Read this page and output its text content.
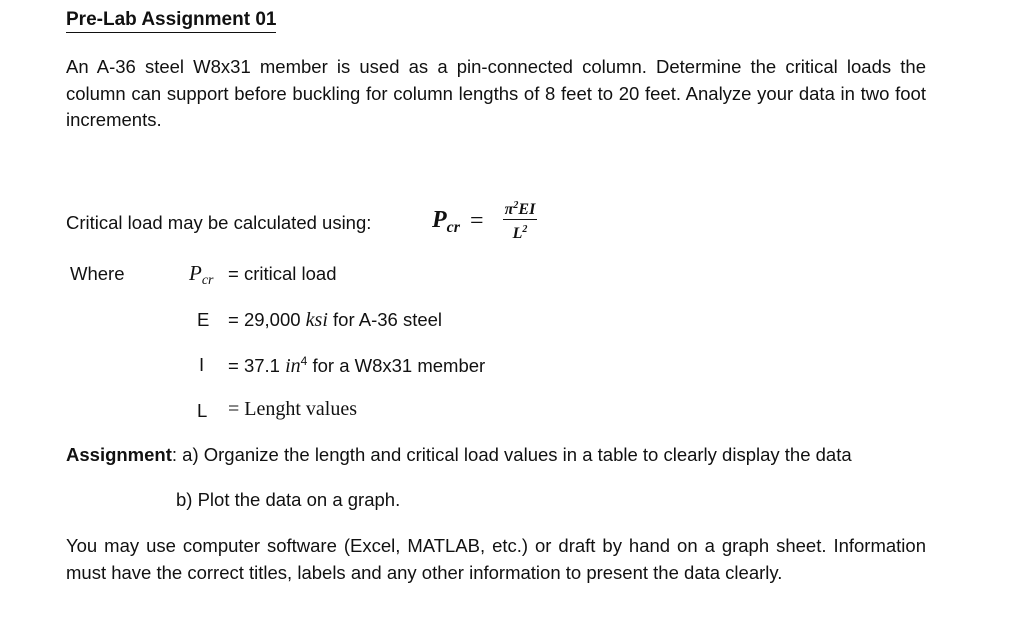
Pre-Lab Assignment 01
An A-36 steel W8x31 member is used as a pin-connected column. Determine the critical loads the column can support before buckling for column lengths of 8 feet to 20 feet. Analyze your data in two foot increments.
Critical load may be calculated using:	$P_{cr} = \frac{\pi^2EI}{L^2}$
Where	$P_{cr}$ = critical load
E = 29,000 ksi for A-36 steel
I = 37.1 $in^4$ for a W8x31 member
L = Lenght values
Assignment: a) Organize the length and critical load values in a table to clearly display the data
b) Plot the data on a graph.
You may use computer software (Excel, MATLAB, etc.) or draft by hand on a graph sheet. Information must have the correct titles, labels and any other information to present the data clearly.
